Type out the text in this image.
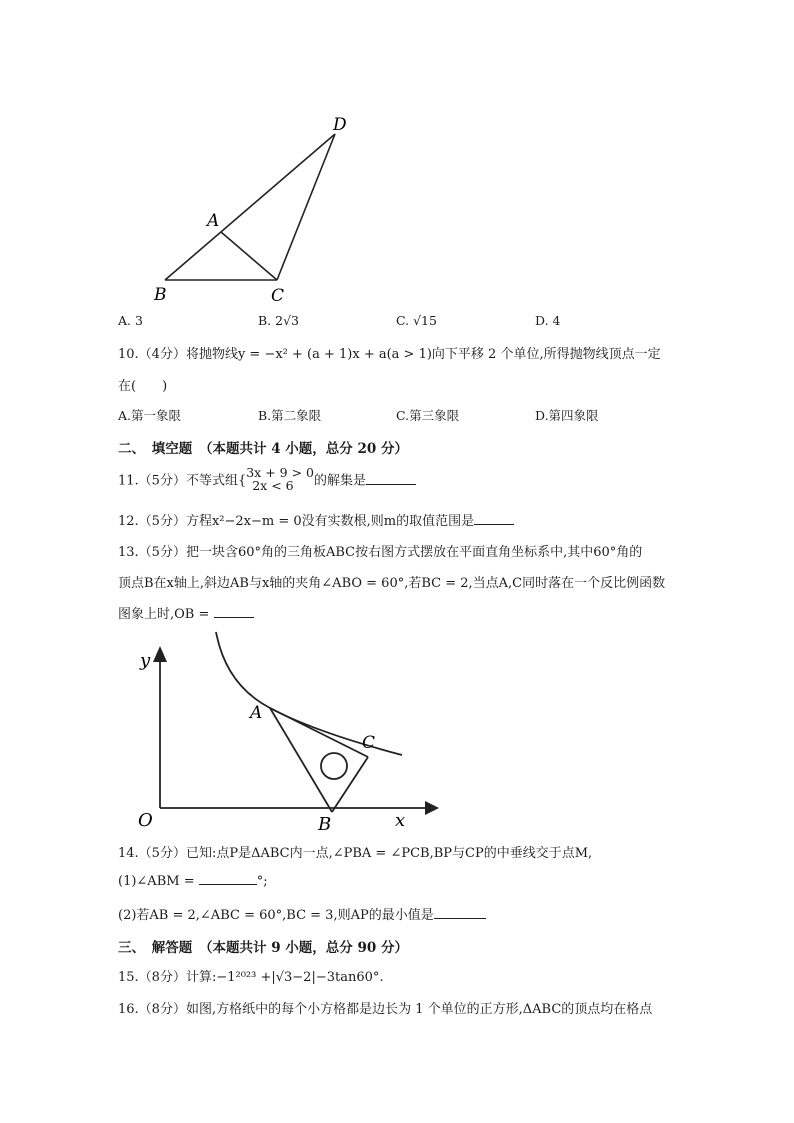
D
A
B	C
A. 3	B. 2√3	C. √15	D. 4
10.（4分）将抛物线y = −x² + (a + 1)x + a(a > 1)向下平移 2 个单位,所得抛物线顶点一定
在(　　)
A.第一象限	B.第二象限	C.第三象限	D.第四象限
二、　填空题　（本题共计 4 小题，总分 20 分）
11.（5分）不等式组{
3x + 9 > 0
2x < 6	的解集是
12.（5分）方程x²−2x−m = 0没有实数根,则m的取值范围是
13.（5分）把一块含60°角的三角板ABC按右图方式摆放在平面直角坐标系中,其中60°角的
顶点B在x轴上,斜边AB与x轴的夹角∠ABO = 60°,若BC = 2,当点A,C同时落在一个反比例函数
图象上时,OB =
y
A
C
O	B	x
14.（5分）已知:点P是ΔABC内一点,∠PBA = ∠PCB,BP与CP的中垂线交于点M,
(1)∠ABM =	°;
(2)若AB = 2,∠ABC = 60°,BC = 3,则AP的最小值是
三、　解答题　（本题共计 9 小题，总分 90 分）
15.（8分）计算:−1²⁰²³ +|√3−2|−3tan60°.
16.（8分）如图,方格纸中的每个小方格都是边长为 1 个单位的正方形,ΔABC的顶点均在格点
